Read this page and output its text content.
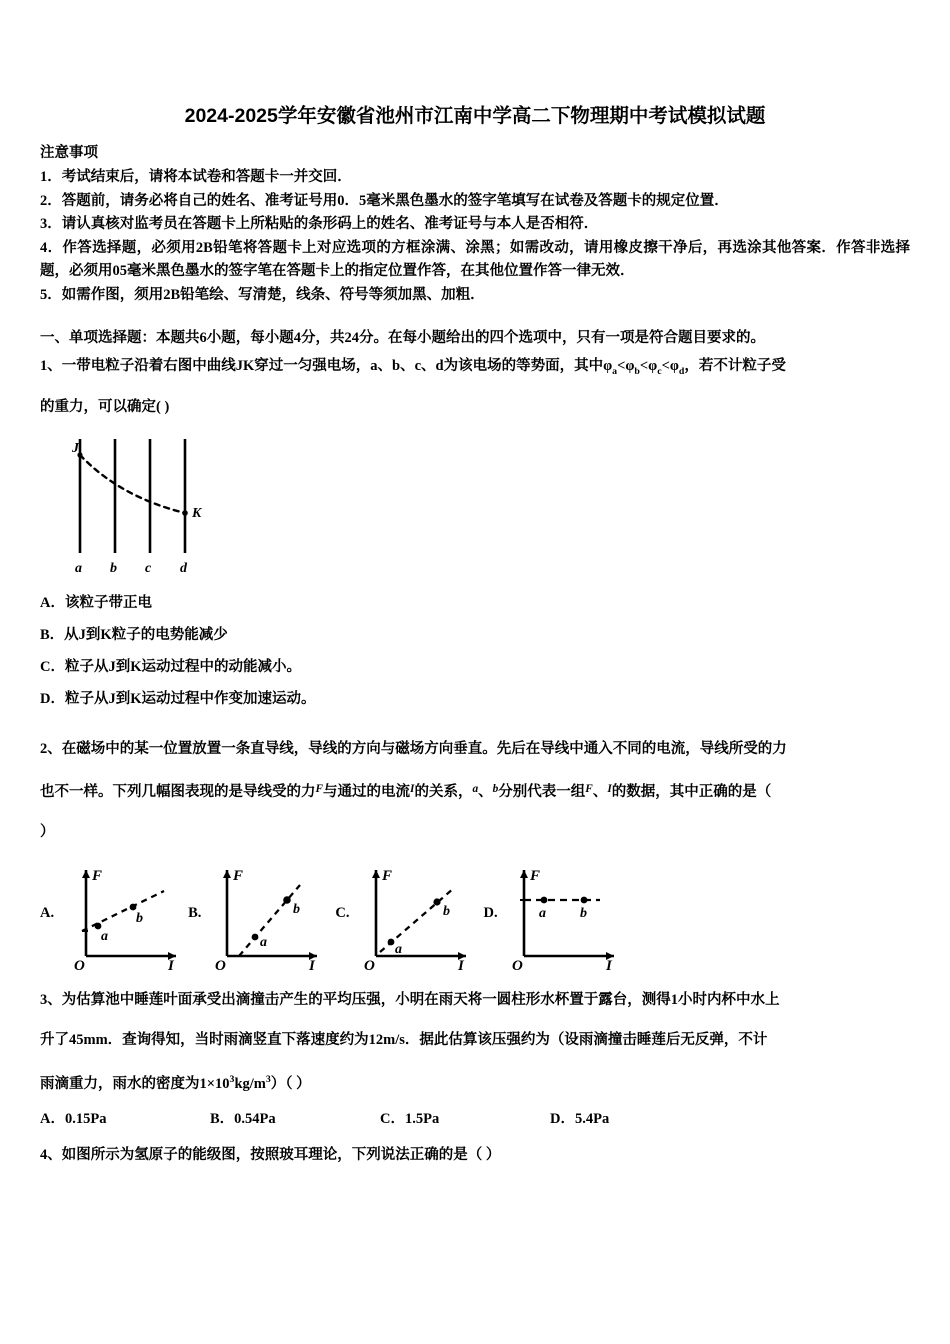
2024-2025学年安徽省池州市江南中学高二下物理期中考试模拟试题
注意事项

1．考试结束后，请将本试卷和答题卡一并交回．

2．答题前，请务必将自己的姓名、准考证号用0．5毫米黑色墨水的签字笔填写在试卷及答题卡的规定位置．

3．请认真核对监考员在答题卡上所粘贴的条形码上的姓名、准考证号与本人是否相符．

4．作答选择题，必须用2B铅笔将答题卡上对应选项的方框涂满、涂黑；如需改动，请用橡皮擦干净后，再选涂其他答案．作答非选择题，必须用05毫米黑色墨水的签字笔在答题卡上的指定位置作答，在其他位置作答一律无效．

5．如需作图，须用2B铅笔绘、写清楚，线条、符号等须加黑、加粗．

一、单项选择题：本题共6小题，每小题4分，共24分。在每小题给出的四个选项中，只有一项是符合题目要求的。

1、一带电粒子沿着右图中曲线JK穿过一匀强电场，a、b、c、d为该电场的等势面，其中$\varphi_a<\varphi_b<\varphi_c<\varphi_d$，若不计粒子受

的重力，可以确定( )

J
K
a b c d

A．该粒子带正电

B．从J到K粒子的电势能减少

C．粒子从J到K运动过程中的动能减小。

D．粒子从J到K运动过程中作变加速运动。

2、在磁场中的某一位置放置一条直导线，导线的方向与磁场方向垂直。先后在导线中通入不同的电流，导线所受的力

也不一样。下列几幅图表现的是导线受的力$^F$与通过的电流$^I$的关系，$^a$、$^b$分别代表一组$^F$、$^I$的数据，其中正确的是（

）

A.
a
b
F
I
O
B.
a
b
F
I
O
C.
a
b
F
I
O
D.	a b
F
I
O

3、为估算池中睡莲叶面承受出滴撞击产生的平均压强，小明在雨天将一圆柱形水杯置于露台，测得1小时内杯中水上

升了45mm．查询得知，当时雨滴竖直下落速度约为12m/s．据此估算该压强约为（设雨滴撞击睡莲后无反弹，不计

雨滴重力，雨水的密度为$1\times 10^3kg/m^3$）（ ）

A．0.15Pa	B．0.54Pa	C．1.5Pa	D．5.4Pa

4、如图所示为氢原子的能级图，按照玻耳理论，下列说法正确的是（ ）
